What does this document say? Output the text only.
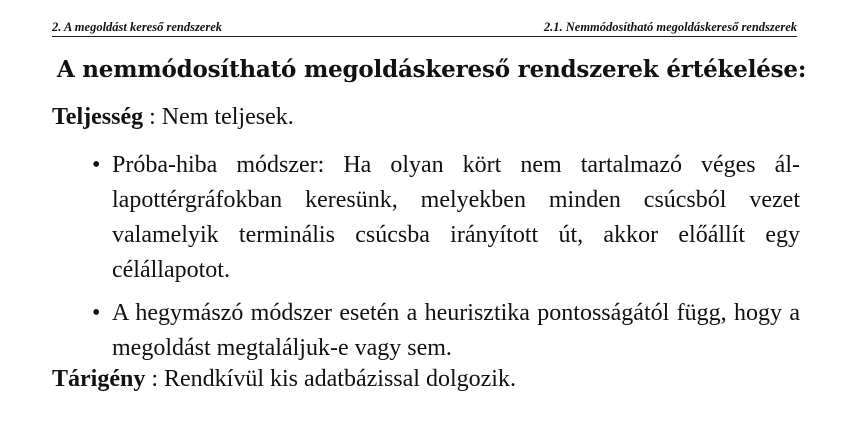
2. A megoldást kereső rendszerek	2.1. Nemmódosítható megoldáskereső rendszerek
A nemmódosítható megoldáskereső rendszerek értékelése:
Teljesség : Nem teljesek.
• Próba-hiba módszer: Ha olyan kört nem tartalmazó véges állapottérgráfokban keresünk, melyekben minden csúcsból vezet valamelyik terminális csúcsba irányított út, akkor előállít egy célállapotot.
• A hegymászó módszer esetén a heurisztika pontosságától függ, hogy a megoldást megtaláljuk-e vagy sem.
Tárigény : Rendkívül kis adatbázissal dolgozik.
